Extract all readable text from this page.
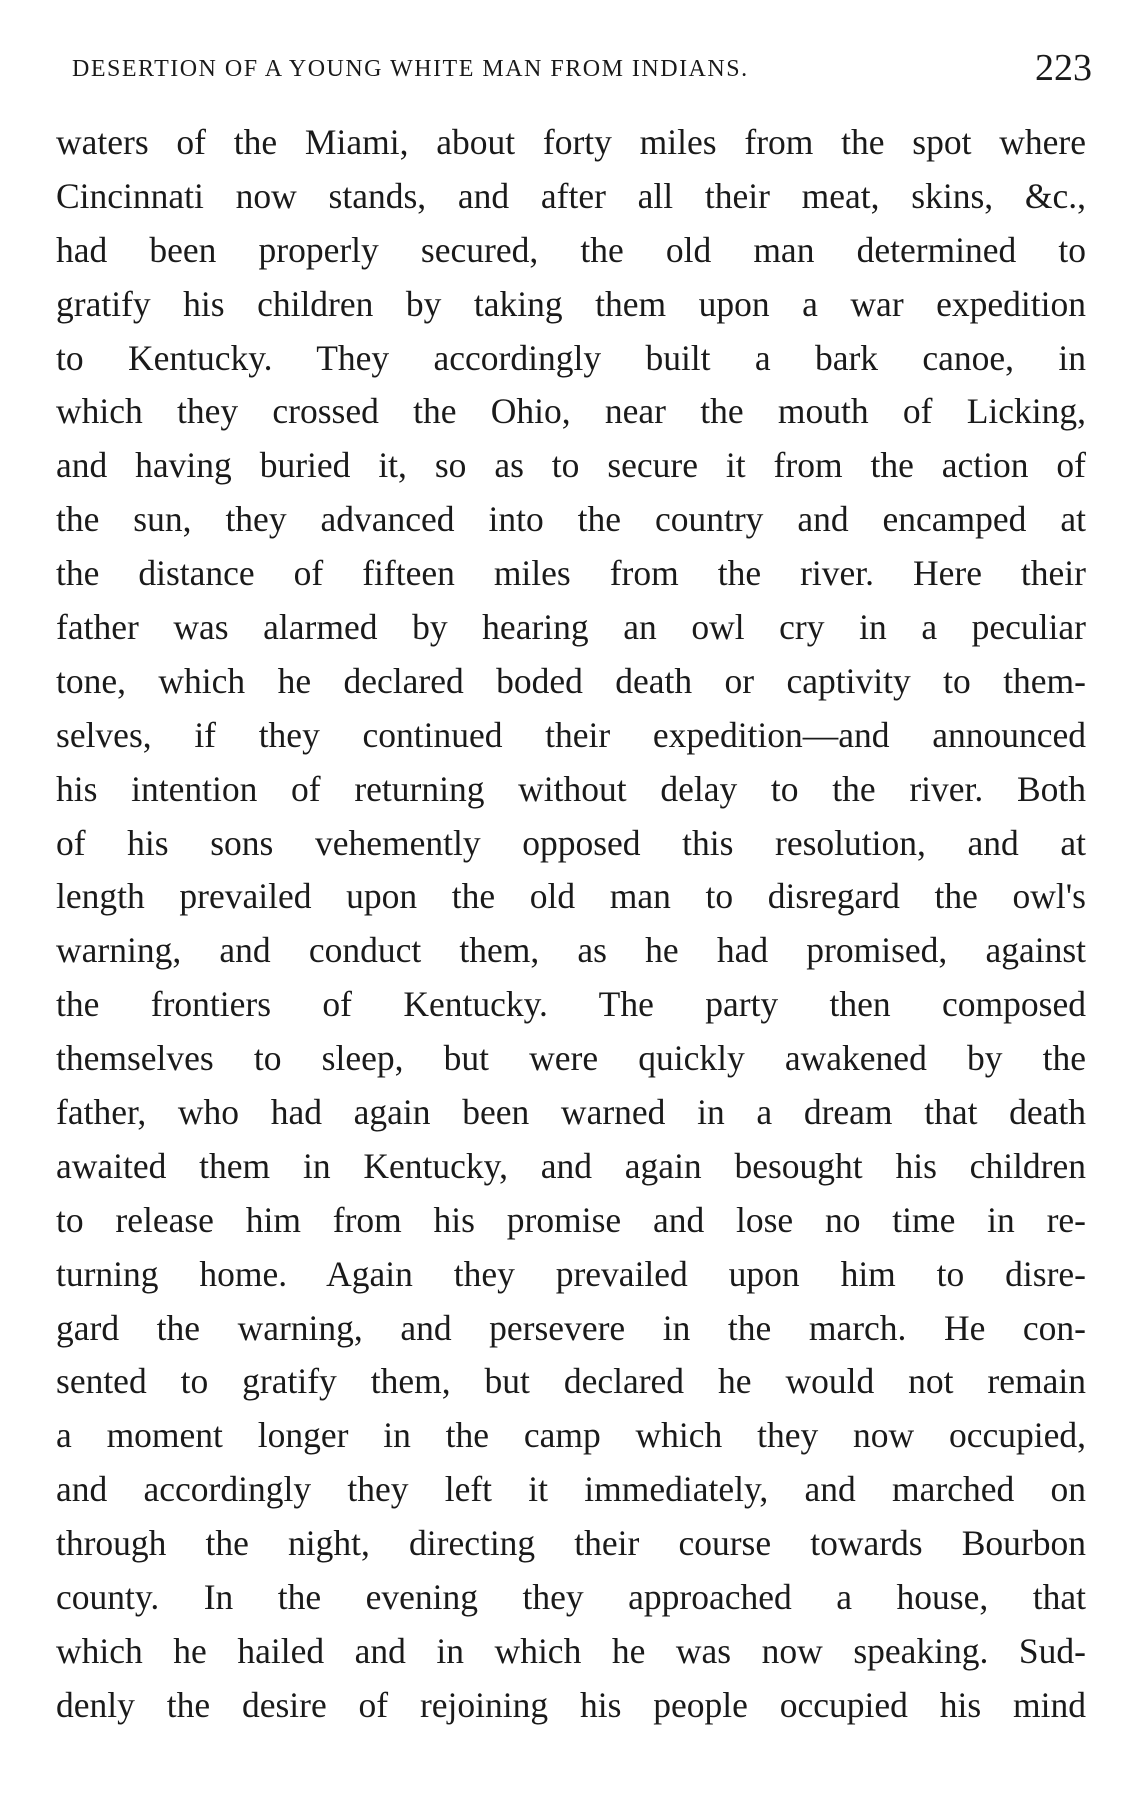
DESERTION OF A YOUNG WHITE MAN FROM INDIANS.	223
waters of the Miami, about forty miles from the spot where
Cincinnati now stands, and after all their meat, skins, &c.,
had been properly secured, the old man determined to
gratify his children by taking them upon a war expedition
to Kentucky. They accordingly built a bark canoe, in
which they crossed the Ohio, near the mouth of Licking,
and having buried it, so as to secure it from the action of
the sun, they advanced into the country and encamped at
the distance of fifteen miles from the river. Here their
father was alarmed by hearing an owl cry in a peculiar
tone, which he declared boded death or captivity to them-
selves, if they continued their expedition—and announced
his intention of returning without delay to the river. Both
of his sons vehemently opposed this resolution, and at
length prevailed upon the old man to disregard the owl's
warning, and conduct them, as he had promised, against
the frontiers of Kentucky. The party then composed
themselves to sleep, but were quickly awakened by the
father, who had again been warned in a dream that death
awaited them in Kentucky, and again besought his children
to release him from his promise and lose no time in re-
turning home. Again they prevailed upon him to disre-
gard the warning, and persevere in the march. He con-
sented to gratify them, but declared he would not remain
a moment longer in the camp which they now occupied,
and accordingly they left it immediately, and marched on
through the night, directing their course towards Bourbon
county. In the evening they approached a house, that
which he hailed and in which he was now speaking. Sud-
denly the desire of rejoining his people occupied his mind
